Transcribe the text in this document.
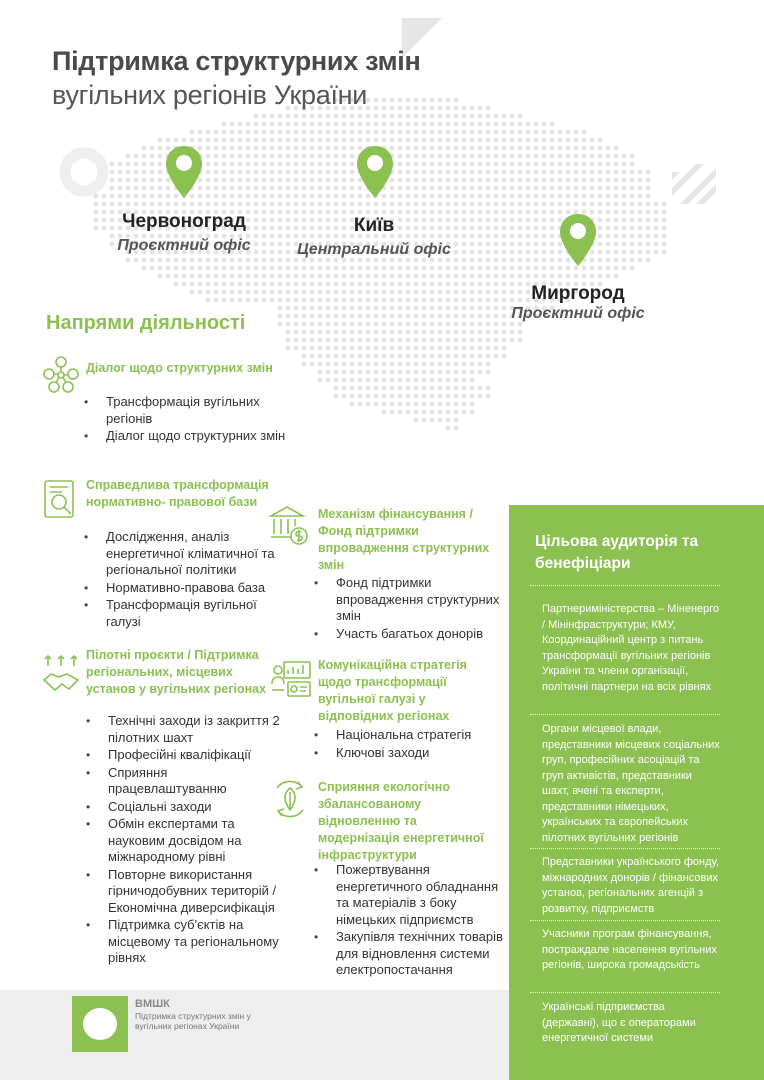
Підтримка структурних змін
вугільних регіонів України
Червоноград
Проєктний офіс
Київ
Центральний офіс
Миргород
Проєктний офіс
Напрями діяльності
Діалог щодо структурних змін
• Трансформація вугільних регіонів
• Діалог щодо структурних змін
Справедлива трансформація нормативно- правової бази
• Дослідження, аналіз енергетичної кліматичної та регіональної політики
• Нормативно-правова база
• Трансформація вугільної галузі
Пілотні проєкти / Підтримка регіональних, місцевих установ у вугільних регіонах
• Технічні заходи із закриття 2 пілотних шахт
• Професійні кваліфікації
• Сприяння працевлаштуванню
• Соціальні заходи
• Обмін експертами та науковим досвідом на міжнародному рівні
• Повторне використання гірничодобувних територій / Економічна диверсифікація
• Підтримка суб'єктів на місцевому та регіональному рівнях
Механізм фінансування / Фонд підтримки впровадження структурних змін
• Фонд підтримки впровадження структурних змін
• Участь багатьох донорів
Комунікаційна стратегія щодо трансформації вугільної галузі у відповідних регіонах
• Національна стратегія
• Ключові заходи
Сприяння екологічно збалансованому відновленню та модернізація енергетичної інфраструктури
• Пожертвування енергетичного обладнання та матеріалів з боку німецьких підприємств
• Закупівля технічних товарів для відновлення системи електропостачання
Цільова аудиторія та бенефіціари
Партнериміністерства – Міненерго / Мінінфраструктури; КМУ, Координаційний центр з питань трансформації вугільних регіонів України та члени організації, політичні партнери на всіх рівнях
Органи місцевої влади, представники місцевих соціальних груп, професійних асоціацій та груп активістів, представники шахт, вчені та експерти, представники німецьких, українських та європейських пілотних вугільних регіонів
Представники українського фонду, міжнародних донорів / фінансових установ, регіональних агенцій з розвитку, підприємств
Учасники програм фінансування, постраждале населення вугільних регіонів, широка громадськість
Українські підприємства (державні), що є операторами енергетичної системи
ВМШК
Підтримка структурних змін у вугільних регіонах України
